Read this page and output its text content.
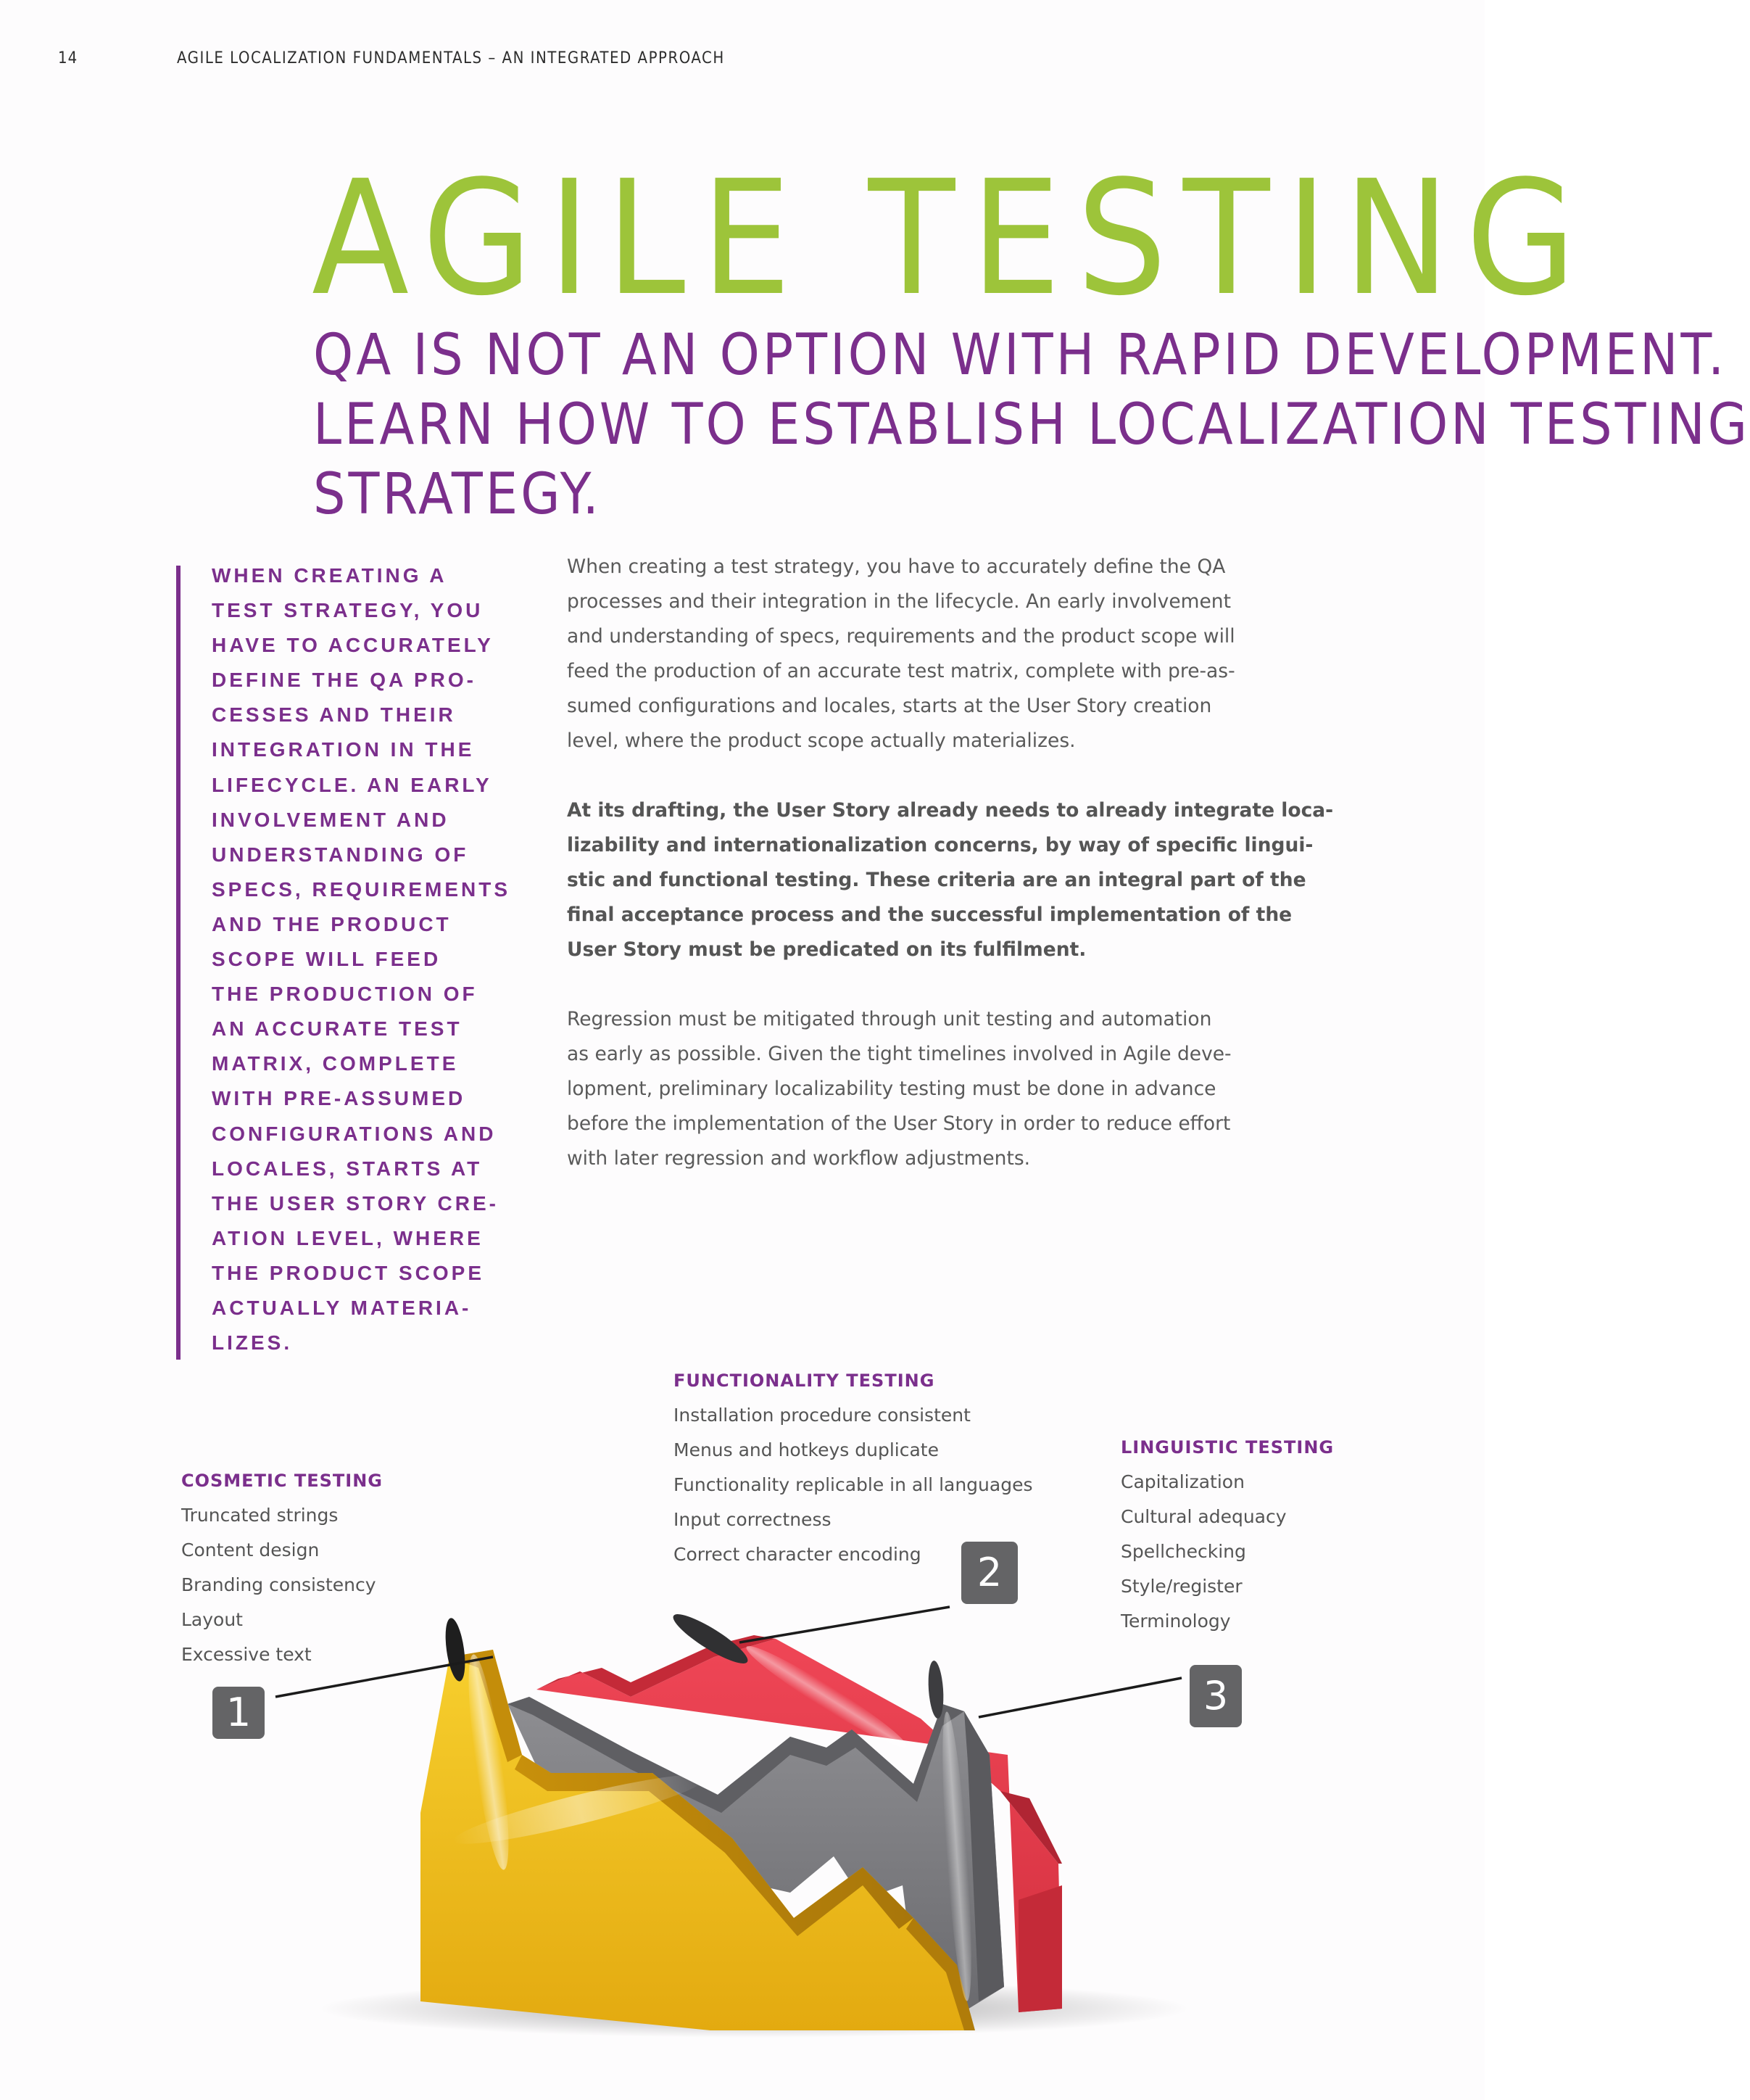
14	AGILE LOCALIZATION FUNDAMENTALS – AN INTEGRATED APPROACH
AGILE TESTING
QA IS NOT AN OPTION WITH RAPID DEVELOPMENT.
LEARN HOW TO ESTABLISH LOCALIZATION TESTING
STRATEGY.
WHEN CREATING A
TEST STRATEGY, YOU
HAVE TO ACCURATELY
DEFINE THE QA PRO-
CESSES AND THEIR
INTEGRATION IN THE
LIFECYCLE. AN EARLY
INVOLVEMENT AND
UNDERSTANDING OF
SPECS, REQUIREMENTS
AND THE PRODUCT
SCOPE WILL FEED
THE PRODUCTION OF
AN ACCURATE TEST
MATRIX, COMPLETE
WITH PRE-ASSUMED
CONFIGURATIONS AND
LOCALES, STARTS AT
THE USER STORY CRE-
ATION LEVEL, WHERE
THE PRODUCT SCOPE
ACTUALLY MATERIA-
LIZES.
When creating a test strategy, you have to accurately define the QA
processes and their integration in the lifecycle. An early involvement
and understanding of specs, requirements and the product scope will
feed the production of an accurate test matrix, complete with pre-as-
sumed configurations and locales, starts at the User Story creation
level, where the product scope actually materializes.
At its drafting, the User Story already needs to already integrate loca-
lizability and internationalization concerns, by way of specific lingui-
stic and functional testing. These criteria are an integral part of the
final acceptance process and the successful implementation of the
User Story must be predicated on its fulfilment.
Regression must be mitigated through unit testing and automation
as early as possible. Given the tight timelines involved in Agile deve-
lopment, preliminary localizability testing must be done in advance
before the implementation of the User Story in order to reduce effort
with later regression and workflow adjustments.
COSMETIC TESTING
Truncated strings
Content design
Branding consistency
Layout
Excessive text
FUNCTIONALITY TESTING
Installation procedure consistent
Menus and hotkeys duplicate
Functionality replicable in all languages
Input correctness
Correct character encoding
LINGUISTIC TESTING
Capitalization
Cultural adequacy
Spellchecking
Style/register
Terminology
1
2
3
